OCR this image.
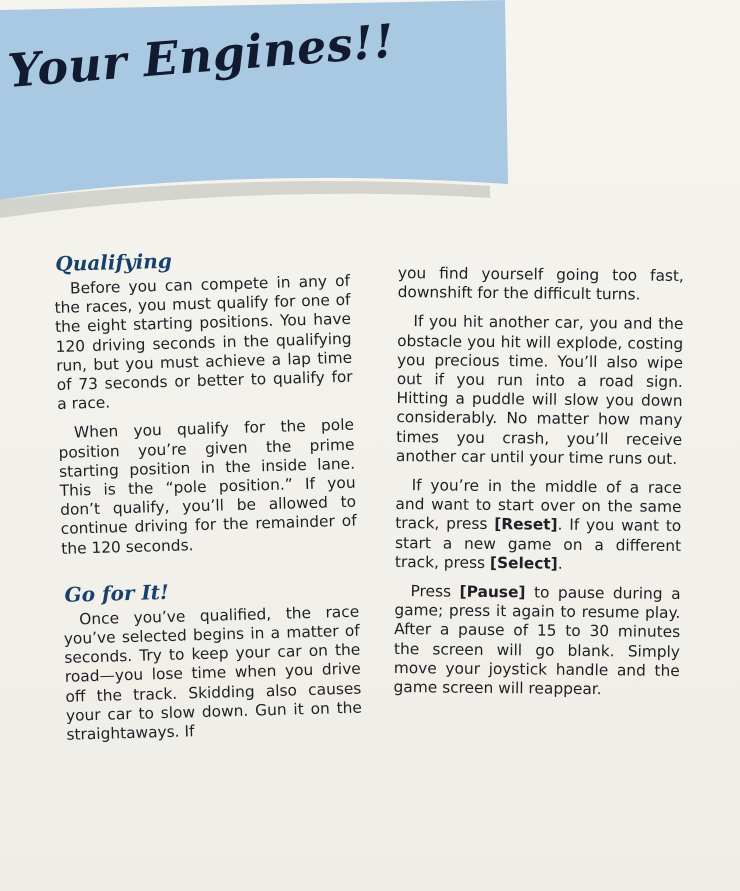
Your Engines!!
Qualifying

Before you can compete in any of the races, you must qualify for one of the eight starting positions. You have 120 driving seconds in the qualifying run, but you must achieve a lap time of 73 seconds or better to qualify for a race.

When you qualify for the pole position you’re given the prime starting position in the inside lane. This is the “pole position.” If you don’t qualify, you’ll be allowed to continue driving for the remainder of the 120 seconds.

Go for It!

Once you’ve qualified, the race you’ve selected begins in a matter of seconds. Try to keep your car on the road—you lose time when you drive off the track. Skidding also causes your car to slow down. Gun it on the straightaways. If

you find yourself going too fast, downshift for the difficult turns.

If you hit another car, you and the obstacle you hit will explode, costing you precious time. You’ll also wipe out if you run into a road sign. Hitting a puddle will slow you down considerably. No matter how many times you crash, you’ll receive another car until your time runs out.

If you’re in the middle of a race and want to start over on the same track, press [Reset]. If you want to start a new game on a different track, press [Select].

Press [Pause] to pause during a game; press it again to resume play. After a pause of 15 to 30 minutes the screen will go blank. Simply move your joystick handle and the game screen will reappear.
